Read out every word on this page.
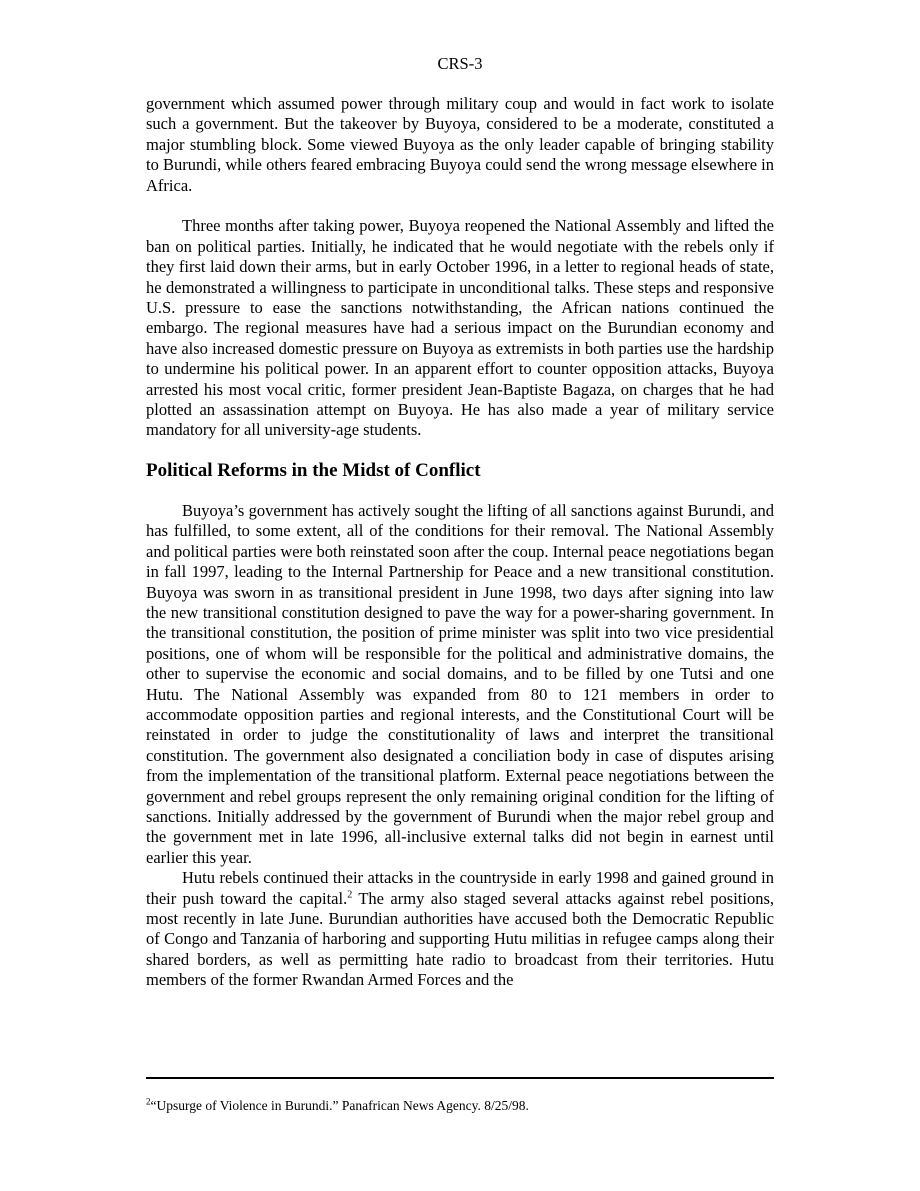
CRS-3

government which assumed power through military coup and would in fact work to isolate such a government. But the takeover by Buyoya, considered to be a moderate, constituted a major stumbling block. Some viewed Buyoya as the only leader capable of bringing stability to Burundi, while others feared embracing Buyoya could send the wrong message elsewhere in Africa.

Three months after taking power, Buyoya reopened the National Assembly and lifted the ban on political parties. Initially, he indicated that he would negotiate with the rebels only if they first laid down their arms, but in early October 1996, in a letter to regional heads of state, he demonstrated a willingness to participate in unconditional talks. These steps and responsive U.S. pressure to ease the sanctions notwithstanding, the African nations continued the embargo. The regional measures have had a serious impact on the Burundian economy and have also increased domestic pressure on Buyoya as extremists in both parties use the hardship to undermine his political power. In an apparent effort to counter opposition attacks, Buyoya arrested his most vocal critic, former president Jean-Baptiste Bagaza, on charges that he had plotted an assassination attempt on Buyoya. He has also made a year of military service mandatory for all university-age students.

Political Reforms in the Midst of Conflict

Buyoya’s government has actively sought the lifting of all sanctions against Burundi, and has fulfilled, to some extent, all of the conditions for their removal. The National Assembly and political parties were both reinstated soon after the coup. Internal peace negotiations began in fall 1997, leading to the Internal Partnership for Peace and a new transitional constitution. Buyoya was sworn in as transitional president in June 1998, two days after signing into law the new transitional constitution designed to pave the way for a power-sharing government. In the transitional constitution, the position of prime minister was split into two vice presidential positions, one of whom will be responsible for the political and administrative domains, the other to supervise the economic and social domains, and to be filled by one Tutsi and one Hutu. The National Assembly was expanded from 80 to 121 members in order to accommodate opposition parties and regional interests, and the Constitutional Court will be reinstated in order to judge the constitutionality of laws and interpret the transitional constitution. The government also designated a conciliation body in case of disputes arising from the implementation of the transitional platform. External peace negotiations between the government and rebel groups represent the only remaining original condition for the lifting of sanctions. Initially addressed by the government of Burundi when the major rebel group and the government met in late 1996, all-inclusive external talks did not begin in earnest until earlier this year.

Hutu rebels continued their attacks in the countryside in early 1998 and gained ground in their push toward the capital.$^2$ The army also staged several attacks against rebel positions, most recently in late June. Burundian authorities have accused both the Democratic Republic of Congo and Tanzania of harboring and supporting Hutu militias in refugee camps along their shared borders, as well as permitting hate radio to broadcast from their territories. Hutu members of the former Rwandan Armed Forces and the

$^2$“Upsurge of Violence in Burundi.” Panafrican News Agency. 8/25/98.
